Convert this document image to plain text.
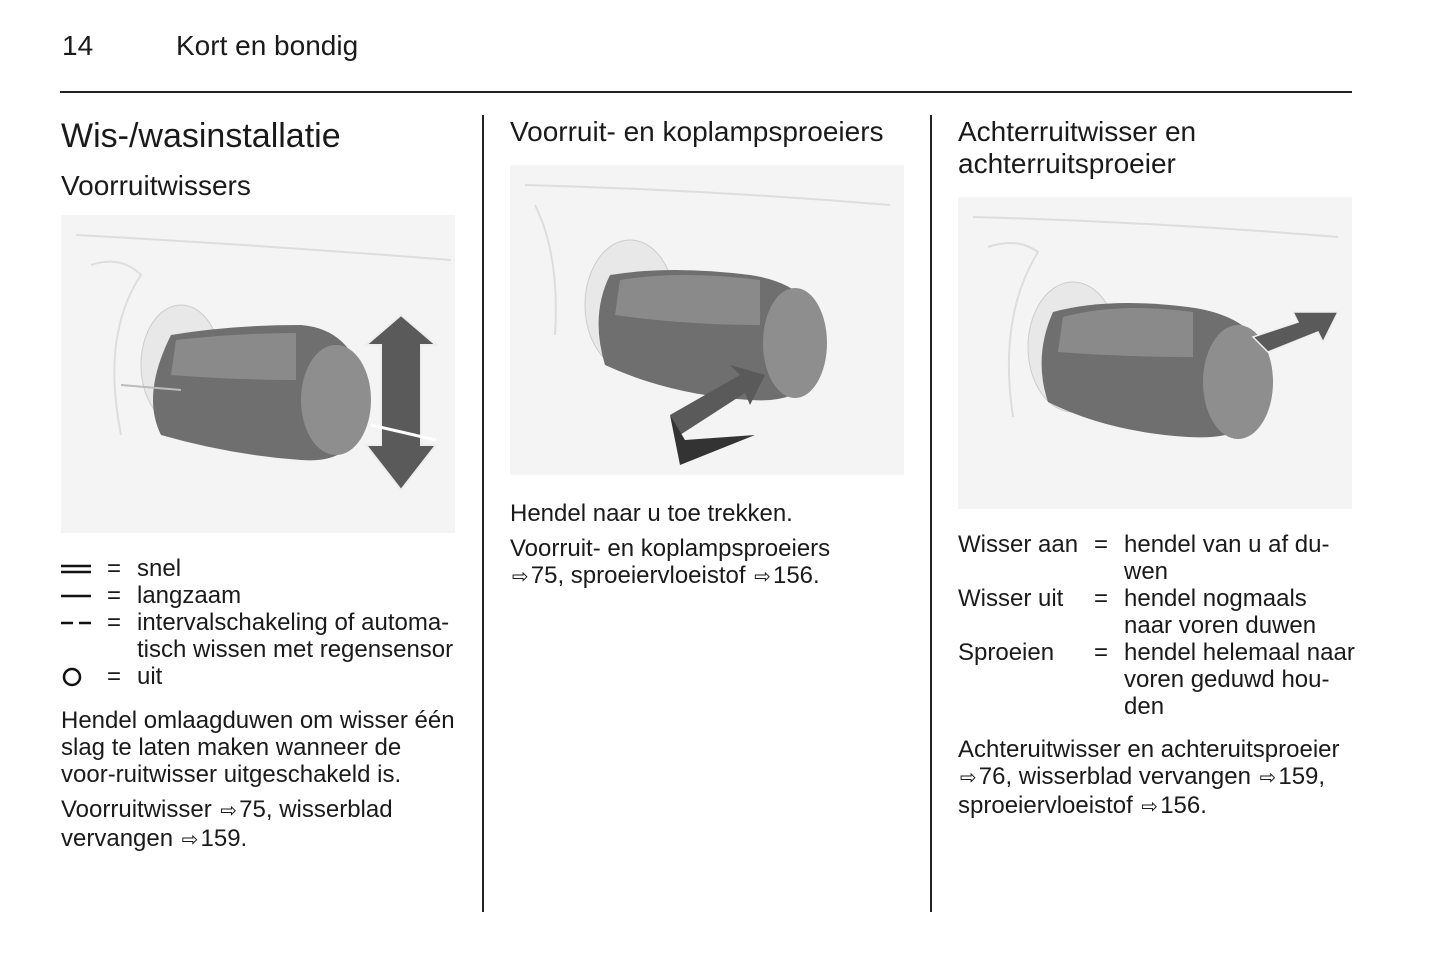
14	Kort en bondig
Wis-/wasinstallatie
Voorruitwissers
= snel
= langzaam
= intervalschakeling of automa-tisch wissen met regensensor
= uit

Hendel omlaagduwen om wisser één slag te laten maken wanneer de voor-ruitwisser uitgeschakeld is.

Voorruitwisser ⇨75, wisserblad
vervangen ⇨159.

Voorruit- en koplampsproeiers

Hendel naar u toe trekken.

Voorruit- en koplampsproeiers
⇨75, sproeiervloeistof ⇨156.

Achterruitwisser en
achterruitsproeier
Wisser aan = hendel van u af du-wen
Wisser uit	= hendel nogmaals naar voren duwen
Sproeien	= hendel helemaal naar voren geduwd hou-den

Achteruitwisser en achteruitsproeier
⇨76, wisserblad vervangen ⇨159,
sproeiervloeistof ⇨156.
